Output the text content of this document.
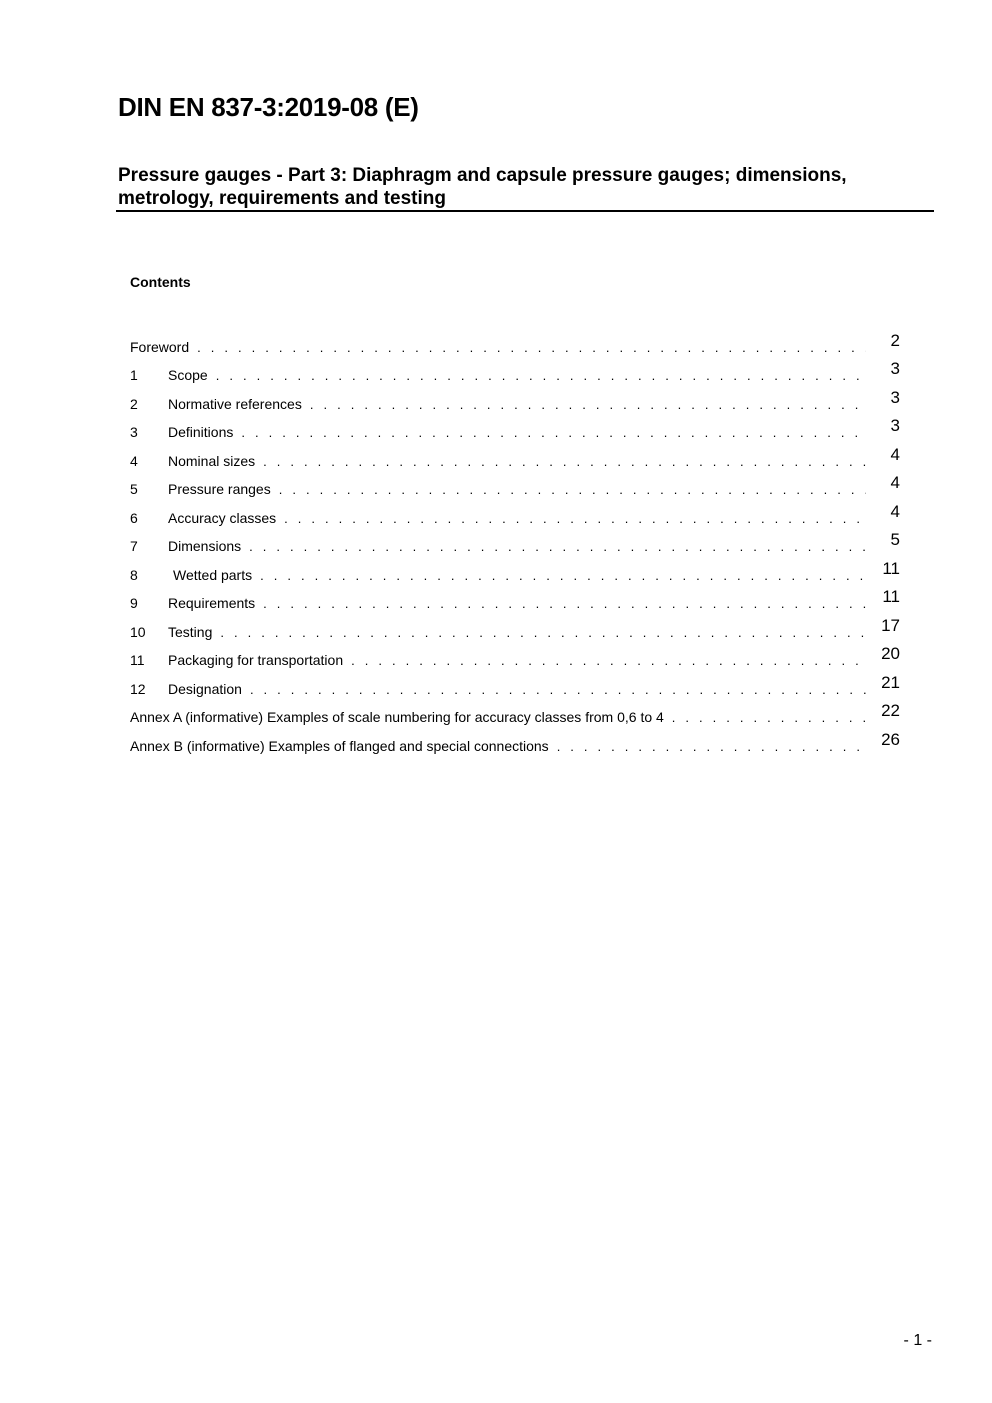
DIN EN 837-3:2019-08 (E)
Pressure gauges - Part 3: Diaphragm and capsule pressure gauges; dimensions, metrology, requirements and testing
Contents
Foreword . . .	2
1	Scope . . .	3
2	Normative references . . .	3
3	Definitions . . .	3
4	Nominal sizes . . .	4
5	Pressure ranges . . .	4
6	Accuracy classes . . .	4
7	Dimensions . . .	5
8	Wetted parts . . .	11
9	Requirements . . .	11
10	Testing . . .	17
11	Packaging for transportation . . .	20
12	Designation . . .	21
Annex A (informative) Examples of scale numbering for accuracy classes from 0,6 to 4 . . .	22
Annex B (informative) Examples of flanged and special connections . . .	26

- 1 -
